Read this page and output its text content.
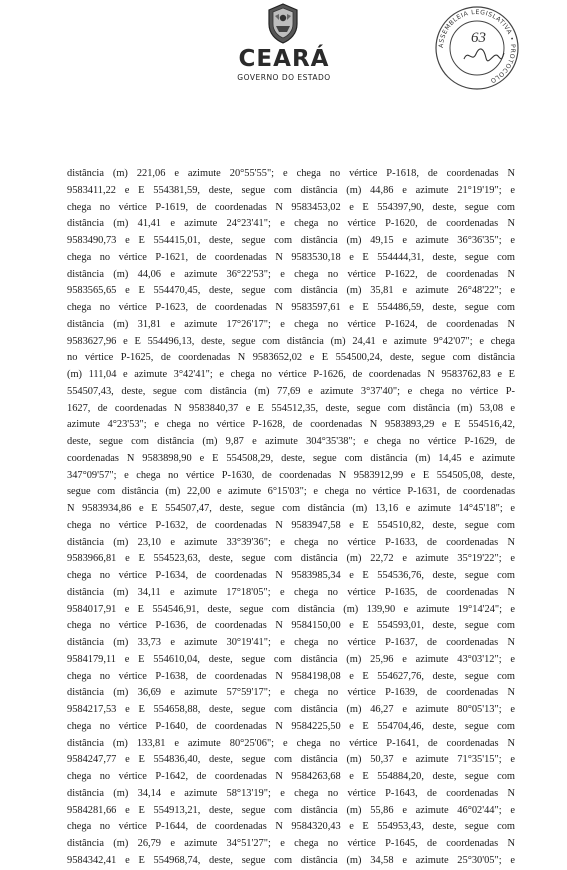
CEARÁ
GOVERNO DO ESTADO
ASSEMBLEIA LEGISLATIVA • PROTOCOLO
63
distância (m) 221,06 e azimute 20°55'55"; e chega no vértice P-1618, de coordenadas N
9583411,22 e E 554381,59, deste, segue com distância (m) 44,86 e azimute 21°19'19"; e
chega no vértice P-1619, de coordenadas N 9583453,02 e E 554397,90, deste, segue com
distância (m) 41,41 e azimute 24°23'41"; e chega no vértice P-1620, de coordenadas N
9583490,73 e E 554415,01, deste, segue com distância (m) 49,15 e azimute 36°36'35"; e
chega no vértice P-1621, de coordenadas N 9583530,18 e E 554444,31, deste, segue com
distância (m) 44,06 e azimute 36°22'53"; e chega no vértice P-1622, de coordenadas N
9583565,65 e E 554470,45, deste, segue com distância (m) 35,81 e azimute 26°48'22"; e
chega no vértice P-1623, de coordenadas N 9583597,61 e E 554486,59, deste, segue com
distância (m) 31,81 e azimute 17°26'17"; e chega no vértice P-1624, de coordenadas N
9583627,96 e E 554496,13, deste, segue com distância (m) 24,41 e azimute 9°42'07"; e chega
no vértice P-1625, de coordenadas N 9583652,02 e E 554500,24, deste, segue com distância
(m) 111,04 e azimute 3°42'41"; e chega no vértice P-1626, de coordenadas N 9583762,83 e E
554507,43, deste, segue com distância (m) 77,69 e azimute 3°37'40"; e chega no vértice P-
1627, de coordenadas N 9583840,37 e E 554512,35, deste, segue com distância (m) 53,08 e
azimute 4°23'53"; e chega no vértice P-1628, de coordenadas N 9583893,29 e E 554516,42,
deste, segue com distância (m) 9,87 e azimute 304°35'38"; e chega no vértice P-1629, de
coordenadas N 9583898,90 e E 554508,29, deste, segue com distância (m) 14,45 e azimute
347°09'57"; e chega no vértice P-1630, de coordenadas N 9583912,99 e E 554505,08, deste,
segue com distância (m) 22,00 e azimute 6°15'03"; e chega no vértice P-1631, de coordenadas
N 9583934,86 e E 554507,47, deste, segue com distância (m) 13,16 e azimute 14°45'18"; e
chega no vértice P-1632, de coordenadas N 9583947,58 e E 554510,82, deste, segue com
distância (m) 23,10 e azimute 33°39'36"; e chega no vértice P-1633, de coordenadas N
9583966,81 e E 554523,63, deste, segue com distância (m) 22,72 e azimute 35°19'22"; e
chega no vértice P-1634, de coordenadas N 9583985,34 e E 554536,76, deste, segue com
distância (m) 34,11 e azimute 17°18'05"; e chega no vértice P-1635, de coordenadas N
9584017,91 e E 554546,91, deste, segue com distância (m) 139,90 e azimute 19°14'24"; e
chega no vértice P-1636, de coordenadas N 9584150,00 e E 554593,01, deste, segue com
distância (m) 33,73 e azimute 30°19'41"; e chega no vértice P-1637, de coordenadas N
9584179,11 e E 554610,04, deste, segue com distância (m) 25,96 e azimute 43°03'12"; e
chega no vértice P-1638, de coordenadas N 9584198,08 e E 554627,76, deste, segue com
distância (m) 36,69 e azimute 57°59'17"; e chega no vértice P-1639, de coordenadas N
9584217,53 e E 554658,88, deste, segue com distância (m) 46,27 e azimute 80°05'13"; e
chega no vértice P-1640, de coordenadas N 9584225,50 e E 554704,46, deste, segue com
distância (m) 133,81 e azimute 80°25'06"; e chega no vértice P-1641, de coordenadas N
9584247,77 e E 554836,40, deste, segue com distância (m) 50,37 e azimute 71°35'15"; e
chega no vértice P-1642, de coordenadas N 9584263,68 e E 554884,20, deste, segue com
distância (m) 34,14 e azimute 58°13'19"; e chega no vértice P-1643, de coordenadas N
9584281,66 e E 554913,21, deste, segue com distância (m) 55,86 e azimute 46°02'44"; e
chega no vértice P-1644, de coordenadas N 9584320,43 e E 554953,43, deste, segue com
distância (m) 26,79 e azimute 34°51'27"; e chega no vértice P-1645, de coordenadas N
9584342,41 e E 554968,74, deste, segue com distância (m) 34,58 e azimute 25°30'05"; e
